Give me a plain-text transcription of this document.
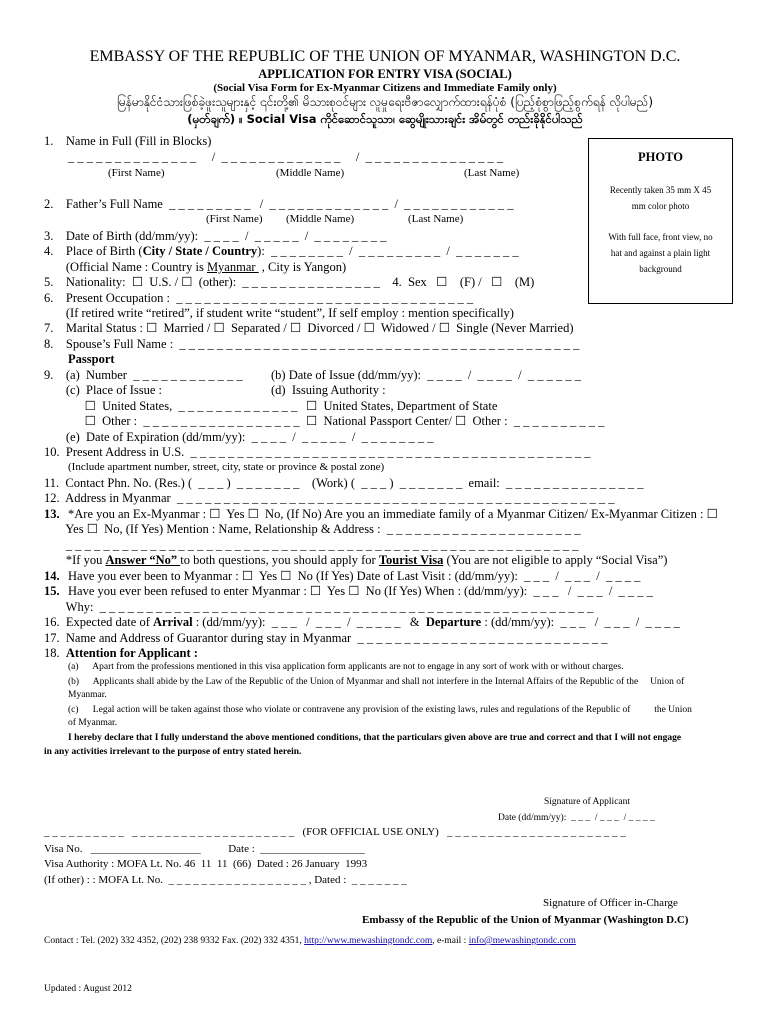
EMBASSY OF THE REPUBLIC OF THE UNION OF MYANMAR, WASHINGTON D.C.
APPLICATION FOR ENTRY VISA (SOCIAL)
(Social Visa Form for Ex-Myanmar Citizens and Immediate Family only)
မြန်မာနိုင်ငံသားဖြစ်ခဲ့ဖူးသူများနှင့် ၎င်းတို့၏ မိသားစုဝင်များ လူမှုရေးဗီဇာလျှောက်ထားရန်ပုံစံ (ပြည့်စုံစွာဖြည့်စွက်ရန် လိုပါမည်)
(မှတ်ချက်) ။ Social Visa ကိုင်ဆောင်သူသာ၊ ဆွေမျိုးသားချင်း အိမ်တွင် တည်းခိုနိုင်ပါသည်
PHOTO
Recently taken 35 mm X 45
mm color photo
With full face, front view, no
hat and against a plain light
background
1.    Name in Full (Fill in Blocks)
_ _ _ _ _ _ _ _ _ _ _ _ _ _     /  _ _ _ _ _ _ _ _ _ _ _ _ _     /  _ _ _ _ _ _ _ _ _ _ _ _ _ _ _
(First Name)	(Middle Name)	(Last Name)
2.    Father’s Full Name  _ _ _ _ _ _ _ _ _   /  _ _ _ _ _ _ _ _ _ _ _ _ _  /  _ _ _ _ _ _ _ _ _ _ _ _
(First Name) (Middle Name)	(Last Name)
3.    Date of Birth (dd/mm/yy):  _ _ _ _  /  _ _ _ _ _  /  _ _ _ _ _ _ _ _
4.    Place of Birth (City / State / Country):  _ _ _ _ _ _ _ _  /  _ _ _ _ _ _ _ _ _  /  _ _ _ _ _ _ _
(Official Name : Country is Myanmar  , City is Yangon)
5.    Nationality:  ☐  U.S. / ☐  (other):  _ _ _ _ _ _ _ _ _ _ _ _ _ _ _    4.  Sex   ☐    (F) /   ☐    (M)
6.    Present Occupation :  _ _ _ _ _ _ _ _ _ _ _ _ _ _ _ _ _ _ _ _ _ _ _ _ _ _ _ _ _ _ _ _
(If retired write “retired”, if student write “student”, If self employ : mention specifically)
7.    Marital Status : ☐  Married / ☐  Separated / ☐  Divorced / ☐  Widowed / ☐  Single (Never Married)
8.    Spouse’s Full Name :  _ _ _ _ _ _ _ _ _ _ _ _ _ _ _ _ _ _ _ _ _ _ _ _ _ _ _ _ _ _ _ _ _ _ _ _ _ _ _ _ _ _ _
Passport
9.    (a)  Number  _ _ _ _ _ _ _ _ _ _ _ _ (b) Date of Issue (dd/mm/yy):  _ _ _ _  /  _ _ _ _  /  _ _ _ _ _ _
(c)  Place of Issue :	(d)  Issuing Authority :
☐  United States,  _ _ _ _ _ _ _ _ _ _ _ _ _ ☐  United States, Department of State
☐  Other :  _ _ _ _ _ _ _ _ _ _ _ _ _ _ _ _ _ ☐  National Passport Center/ ☐  Other :  _ _ _ _ _ _ _ _ _ _
(e)  Date of Expiration (dd/mm/yy):  _ _ _ _  /  _ _ _ _ _  /  _ _ _ _ _ _ _ _
10.  Present Address in U.S.  _ _ _ _ _ _ _ _ _ _ _ _ _ _ _ _ _ _ _ _ _ _ _ _ _ _ _ _ _ _ _ _ _ _ _ _ _ _ _ _ _ _ _
(Include apartment number, street, city, state or province & postal zone)
11.  Contact Phn. No. (Res.) (  _ _ _ )  _ _ _ _ _ _ _    (Work) (  _ _ _ )  _ _ _ _ _ _ _  email:  _ _ _ _ _ _ _ _ _ _ _ _ _ _ _
12.  Address in Myanmar  _ _ _ _ _ _ _ _ _ _ _ _ _ _ _ _ _ _ _ _ _ _ _ _ _ _ _ _ _ _ _ _ _ _ _ _ _ _ _ _ _ _ _ _ _ _ _
13. *Are you an Ex-Myanmar : ☐  Yes ☐  No, (If No) Are you an immediate family of a Myanmar Citizen/ Ex-Myanmar Citizen : ☐
Yes ☐  No, (If Yes) Mention : Name, Relationship & Address :  _ _ _ _ _ _ _ _ _ _ _ _ _ _ _ _ _ _ _ _ _
_ _ _ _ _ _ _ _ _ _ _ _ _ _ _ _ _ _ _ _ _ _ _ _ _ _ _ _ _ _ _ _ _ _ _ _ _ _ _ _ _ _ _ _ _ _ _ _ _ _ _ _ _ _ _
*If you Answer “No” to both questions, you should apply for Tourist Visa (You are not eligible to apply “Social Visa”)
14. Have you ever been to Myanmar : ☐  Yes ☐  No (If Yes) Date of Last Visit : (dd/mm/yy):  _ _ _  /  _ _ _  /  _ _ _ _
15. Have you ever been refused to enter Myanmar : ☐  Yes ☐  No (If Yes) When : (dd/mm/yy):  _ _ _   /  _ _ _  /  _ _ _ _
Why:  _ _ _ _ _ _ _ _ _ _ _ _ _ _ _ _ _ _ _ _ _ _ _ _ _ _ _ _ _ _ _ _ _ _ _ _ _ _ _ _ _ _ _ _ _ _ _ _ _ _ _ _ _
16.  Expected date of Arrival : (dd/mm/yy):  _ _ _   /  _ _ _  /  _ _ _ _ _   &  Departure : (dd/mm/yy):  _ _ _   /  _ _ _  /  _ _ _ _
17.  Name and Address of Guarantor during stay in Myanmar  _ _ _ _ _ _ _ _ _ _ _ _ _ _ _ _ _ _ _ _ _ _ _ _ _ _ _
18.  Attention for Applicant :
(a)      Apart from the professions mentioned in this visa application form applicants are not to engage in any sort of work with or without charges.
(b)      Applicants shall abide by the Law of the Republic of the Union of Myanmar and shall not interfere in the Internal Affairs of the Republic of the     Union of
Myanmar.
(c)      Legal action will be taken against those who violate or contravene any provision of the existing laws, rules and regulations of the Republic of          the Union
of Myanmar.
I hereby declare that I fully understand the above mentioned conditions, that the particulars given above are true and correct and that I will not engage
in any activities irrelevant to the purpose of entry stated herein.
Signature of Applicant
Date (dd/mm/yy):  _ _ _  / _ _ _  / _ _ _ _
_ _ _ _ _ _ _ _ _ _   _ _ _ _ _ _ _ _ _ _ _ _ _ _ _ _ _ _ _ _   (FOR OFFICIAL USE ONLY)   _ _ _ _ _ _ _ _ _ _ _ _ _ _ _ _ _ _ _ _ _ _
Visa No.   ____________________          Date :  ___________________
Visa Authority : MOFA Lt. No. 46  11  11  (66)  Dated : 26 January  1993
(If other) : : MOFA Lt. No.  _ _ _ _ _ _ _ _ _ _ _ _ _ _ _ _ _ , Dated :  _ _ _ _ _ _ _
Signature of Officer in-Charge
Embassy of the Republic of the Union of Myanmar (Washington D.C)
Contact : Tel. (202) 332 4352, (202) 238 9332 Fax. (202) 332 4351, http://www.mewashingtondc.com, e-mail : info@mewashingtondc.com
Updated : August 2012
